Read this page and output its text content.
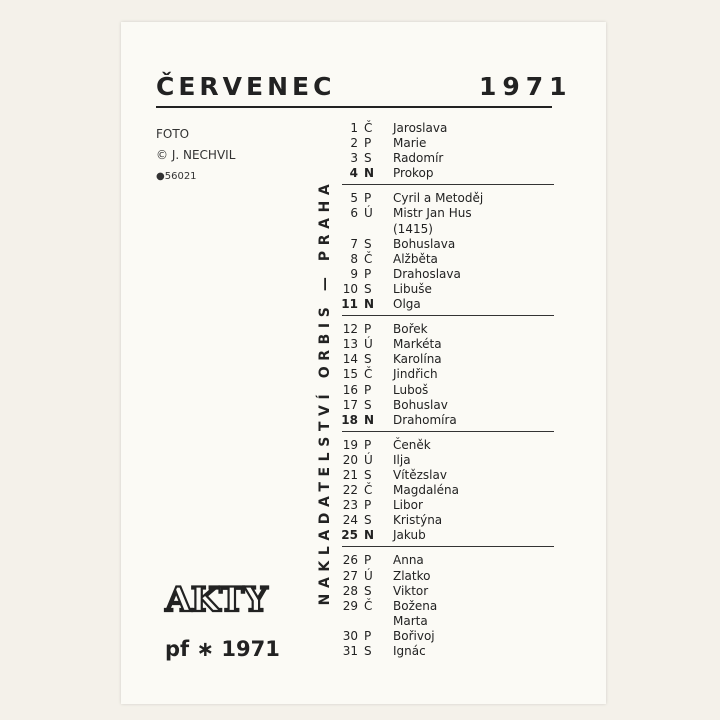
ČERVENEC	1971
FOTO
© J. NECHVIL
●56021
NAKLADATELSTVÍ ORBIS — PRAHA
AKTY
pf ∗ 1971
1 Č Jaroslava
2 P Marie
3 S Radomír
4 N Prokop
5 P Cyril a Metoděj
6 Ú Mistr Jan Hus
(1415)
7 S Bohuslava
8 Č Alžběta
9 P Drahoslava
10 S Libuše
11 N Olga
12 P Bořek
13 Ú Markéta
14 S Karolína
15 Č Jindřich
16 P Luboš
17 S Bohuslav
18 N Drahomíra
19 P Čeněk
20 Ú Ilja
21 S Vítězslav
22 Č Magdaléna
23 P Libor
24 S Kristýna
25 N Jakub
26 P Anna
27 Ú Zlatko
28 S Viktor
29 Č Božena
Marta
30 P Bořivoj
31 S Ignác
